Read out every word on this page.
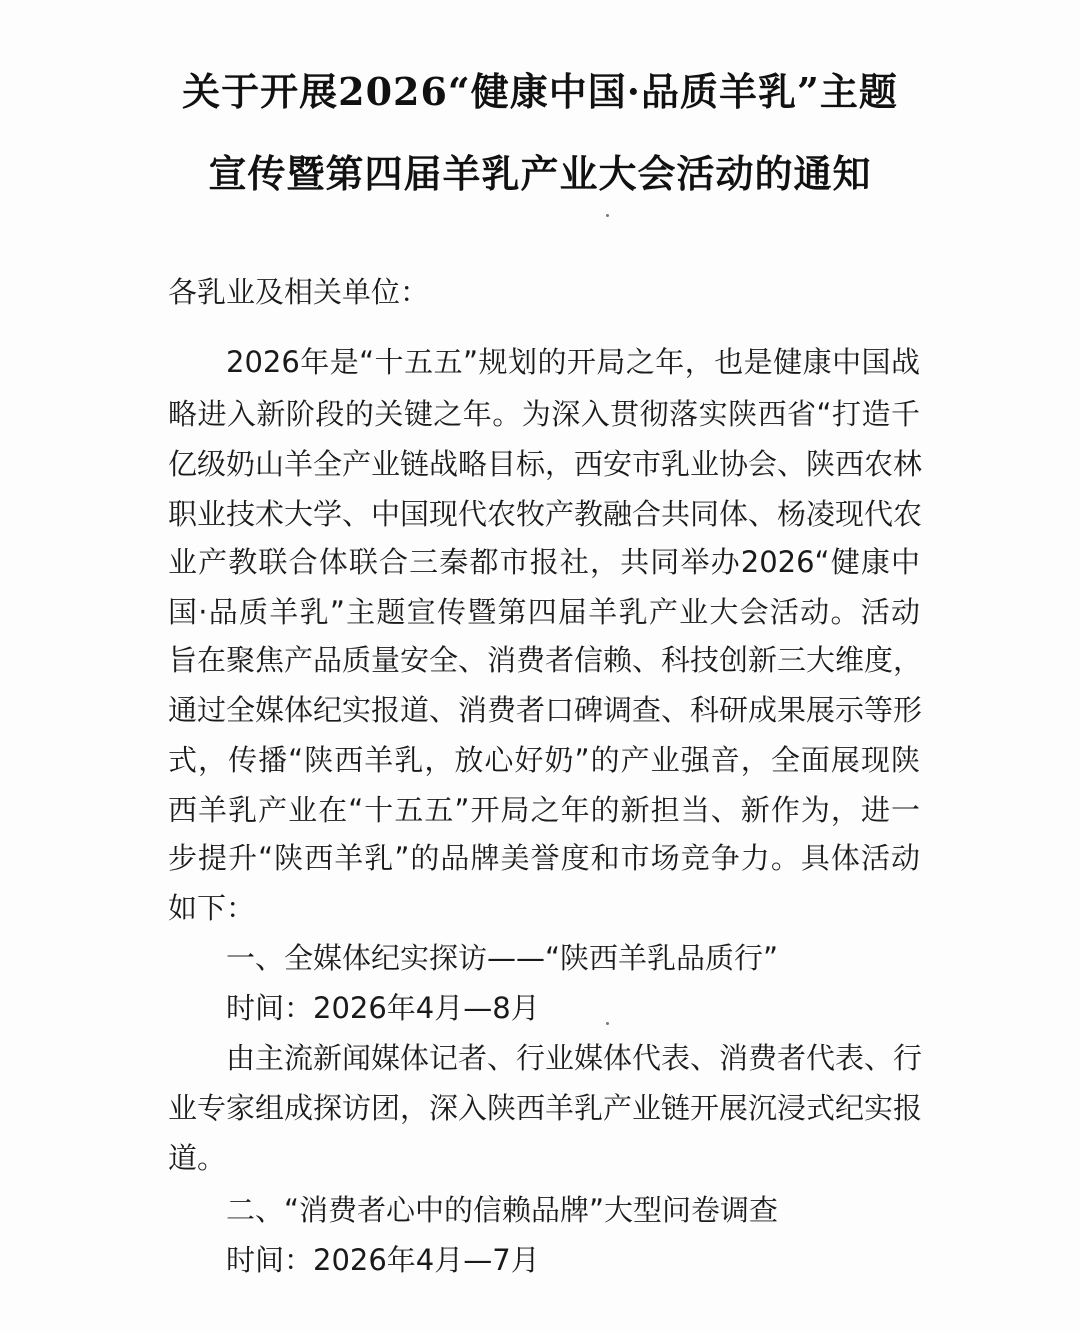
关于开展2026“健康中国·品质羊乳”主题
宣传暨第四届羊乳产业大会活动的通知
各乳业及相关单位：
2026年是“十五五”规划的开局之年，也是健康中国战
略进入新阶段的关键之年。为深入贯彻落实陕西省“打造千
亿级奶山羊全产业链战略目标，西安市乳业协会、陕西农林
职业技术大学、中国现代农牧产教融合共同体、杨凌现代农
业产教联合体联合三秦都市报社，共同举办2026“健康中
国·品质羊乳”主题宣传暨第四届羊乳产业大会活动。活动
旨在聚焦产品质量安全、消费者信赖、科技创新三大维度，
通过全媒体纪实报道、消费者口碑调查、科研成果展示等形
式，传播“陕西羊乳，放心好奶”的产业强音，全面展现陕
西羊乳产业在“十五五”开局之年的新担当、新作为，进一
步提升“陕西羊乳”的品牌美誉度和市场竞争力。具体活动
如下：
一、全媒体纪实探访——“陕西羊乳品质行”
时间：2026年4月—8月
由主流新闻媒体记者、行业媒体代表、消费者代表、行
业专家组成探访团，深入陕西羊乳产业链开展沉浸式纪实报
道。
二、“消费者心中的信赖品牌”大型问卷调查
时间：2026年4月—7月
